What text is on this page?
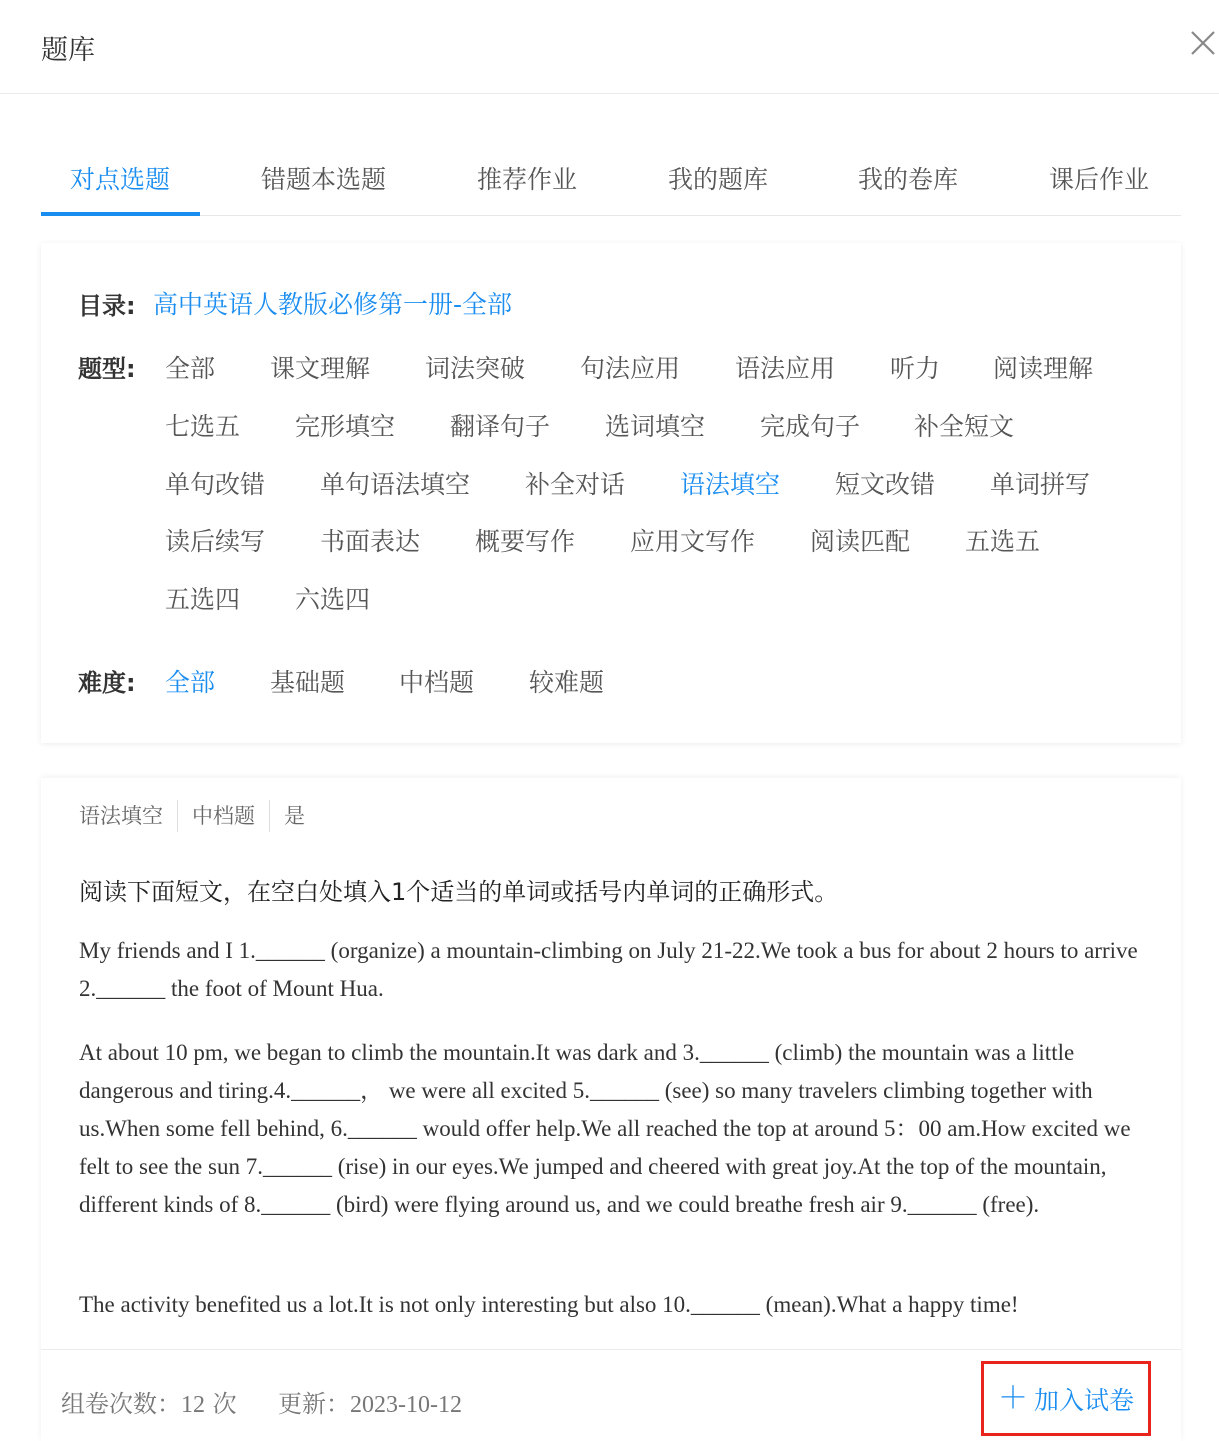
题库
对点选题	错题本选题	推荐作业	我的题库	我的卷库	课后作业
目录: 高中英语人教版必修第一册-全部
题型: 全部 课文理解 词法突破 句法应用 语法应用 听力 阅读理解
七选五 完形填空 翻译句子 选词填空 完成句子 补全短文
单句改错 单句语法填空 补全对话 语法填空 短文改错 单词拼写
读后续写 书面表达 概要写作 应用文写作 阅读匹配 五选五
五选四 六选四
难度: 全部 基础题 中档题 较难题
语法填空	中档题	是
阅读下面短文，在空白处填入1个适当的单词或括号内单词的正确形式。
My friends and I 1.______ (organize) a mountain-climbing on July 21-22.We took a bus for about 2 hours to arrive 2.______ the foot of Mount Hua.
At about 10 pm, we began to climb the mountain.It was dark and 3.______ (climb) the mountain was a little dangerous and tiring.4.______， we were all excited 5.______ (see) so many travelers climbing together with us.When some fell behind, 6.______ would offer help.We all reached the top at around 5：00 am.How excited we felt to see the sun 7.______ (rise) in our eyes.We jumped and cheered with great joy.At the top of the mountain, different kinds of 8.______ (bird) were flying around us, and we could breathe fresh air 9.______ (free).
The activity benefited us a lot.It is not only interesting but also 10.______ (mean).What a happy time!
组卷次数：12 次 更新：2023-10-12	＋ 加入试卷
